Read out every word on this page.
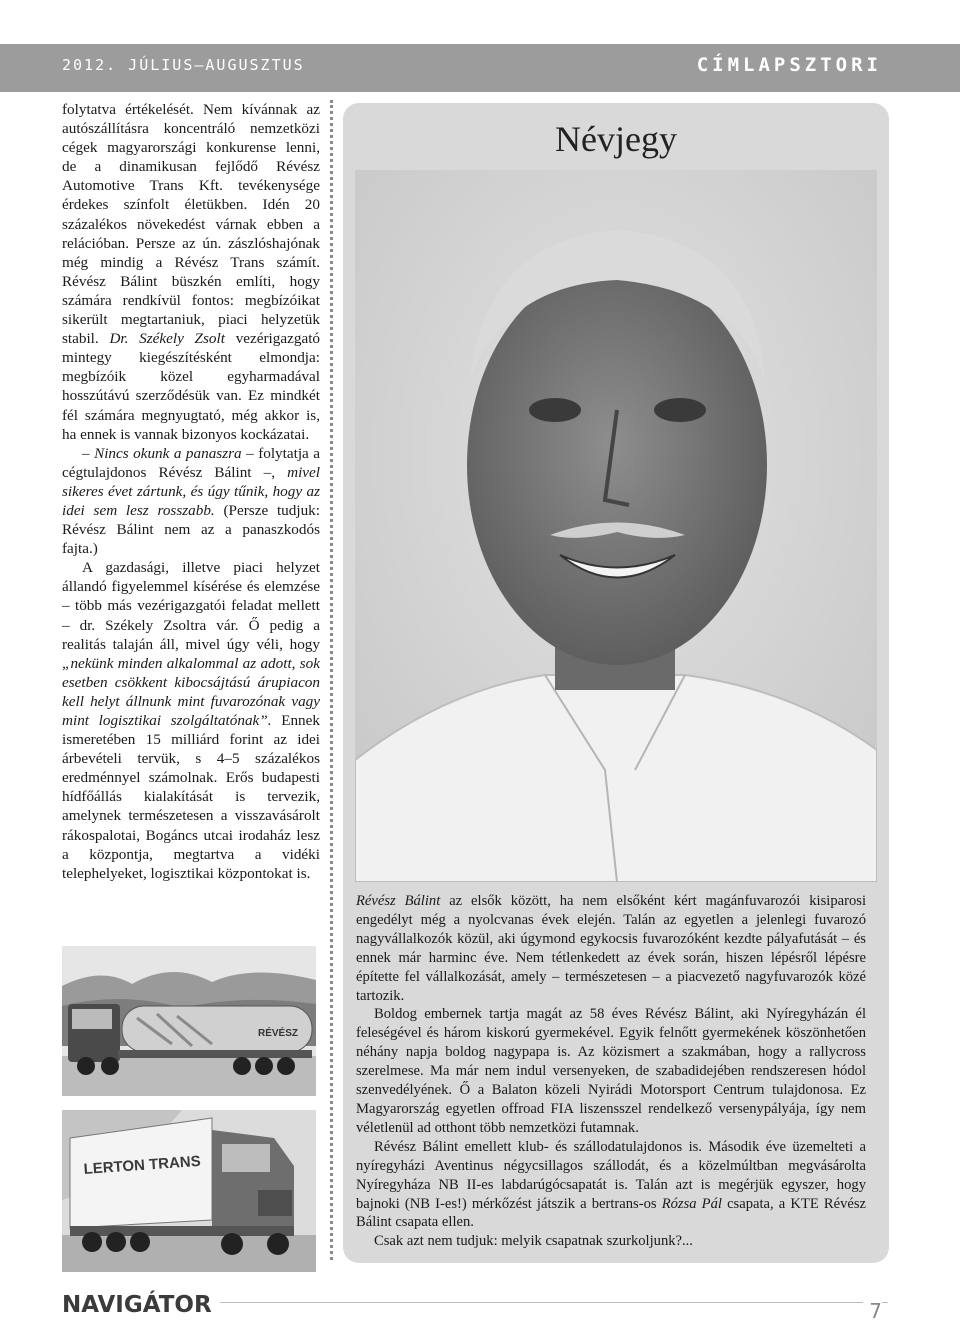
2012. JÚLIUS–AUGUSZTUS	CÍMLAPSZTORI

folytatva értékelését. Nem kívánnak az autószállításra koncentráló nemzetközi cégek magyarországi konkurense lenni, de a dinamikusan fejlődő Révész Automotive Trans Kft. tevékenysége érdekes színfolt életükben. Idén 20 százalékos növekedést várnak ebben a relációban. Persze az ún. zászlóshajónak még mindig a Révész Trans számít. Révész Bálint büszkén említi, hogy számára rendkívül fontos: megbízóikat sikerült megtartaniuk, piaci helyzetük stabil. Dr. Székely Zsolt vezérigazgató mintegy kiegészítésként elmondja: megbízóik közel egyharmadával hosszútávú szerződésük van. Ez mindkét fél számára megnyugtató, még akkor is, ha ennek is vannak bizonyos kockázatai.

– Nincs okunk a panaszra – folytatja a cégtulajdonos Révész Bálint –, mivel sikeres évet zártunk, és úgy tűnik, hogy az idei sem lesz rosszabb. (Persze tudjuk: Révész Bálint nem az a panaszkodós fajta.)

A gazdasági, illetve piaci helyzet állandó figyelemmel kísérése és elemzése – több más vezérigazgatói feladat mellett – dr. Székely Zsoltra vár. Ő pedig a realitás talaján áll, mivel úgy véli, hogy „nekünk minden alkalommal az adott, sok esetben csökkent kibocsájtású árupiacon kell helyt állnunk mint fuvarozónak vagy mint logisztikai szolgáltatónak”. Ennek ismeretében 15 milliárd forint az idei árbevételi tervük, s 4–5 százalékos eredménnyel számolnak. Erős budapesti hídfőállás kialakítását is tervezik, amelynek természetesen a visszavásárolt rákospalotai, Bogáncs utcai irodaház lesz a központja, megtartva a vidéki telephelyeket, logisztikai központokat is.

RÉVÉSZ
LERTON TRANS
Névjegy

Révész Bálint az elsők között, ha nem elsőként kért magánfuvarozói kisiparosi engedélyt még a nyolcvanas évek elején. Talán az egyetlen a jelenlegi fuvarozó nagyvállalkozók közül, aki úgymond egykocsis fuvarozóként kezdte pályafutását – és ennek már harminc éve. Nem tétlenkedett az évek során, hiszen lépésről lépésre építette fel vállalkozását, amely – természetesen – a piacvezető nagyfuvarozók közé tartozik.

Boldog embernek tartja magát az 58 éves Révész Bálint, aki Nyíregyházán él feleségével és három kiskorú gyermekével. Egyik felnőtt gyermekének köszönhetően néhány napja boldog nagypapa is. Az közismert a szakmában, hogy a rallycross szerelmese. Ma már nem indul versenyeken, de szabadidejében rendszeresen hódol szenvedélyének. Ő a Balaton közeli Nyirádi Motorsport Centrum tulajdonosa. Ez Magyarország egyetlen offroad FIA liszensszel rendelkező versenypályája, így nem véletlenül ad otthont több nemzetközi futamnak.

Révész Bálint emellett klub- és szállodatulajdonos is. Második éve üzemelteti a nyíregyházi Aventinus négycsillagos szállodát, és a közelmúltban megvásárolta Nyíregyháza NB II-es labdarúgócsapatát is. Talán azt is megérjük egyszer, hogy bajnoki (NB I-es!) mérkőzést játszik a bertrans-os Rózsa Pál csapata, a KTE Révész Bálint csapata ellen.

Csak azt nem tudjuk: melyik csapatnak szurkoljunk?...

NAVIGÁTOR	7
